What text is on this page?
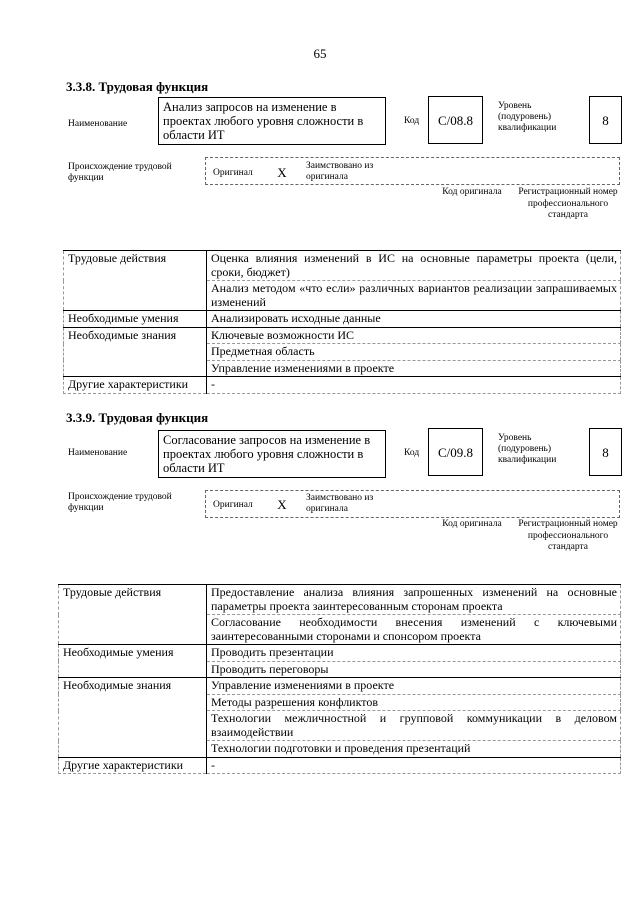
65
3.3.8. Трудовая функция
Наименование
Анализ запросов на изменение в проектах любого уровня сложности в области ИТ
Код	C/08.8
Уровень (подуровень) квалификации	8
Происхождение трудовой функции	Оригинал	X	Заимствовано из оригинала
Код оригинала	Регистрационный номер профессионального стандарта
Трудовые действия	Оценка влияния изменений в ИС на основные параметры проекта (цели, сроки, бюджет)
	Анализ методом «что если» различных вариантов реализации запрашиваемых изменений
Необходимые умения	Анализировать исходные данные
Необходимые знания	Ключевые возможности ИС
	Предметная область
	Управление изменениями в проекте
Другие характеристики	-
3.3.9. Трудовая функция
Наименование
Согласование запросов на изменение в проектах любого уровня сложности в области ИТ
Код	C/09.8
Уровень (подуровень) квалификации	8
Происхождение трудовой функции	Оригинал	X	Заимствовано из оригинала
Код оригинала	Регистрационный номер профессионального стандарта
Трудовые действия	Предоставление анализа влияния запрошенных изменений на основные параметры проекта заинтересованным сторонам проекта
	Согласование необходимости внесения изменений с ключевыми заинтересованными сторонами и спонсором проекта
Необходимые умения	Проводить презентации
	Проводить переговоры
Необходимые знания	Управление изменениями в проекте
	Методы разрешения конфликтов
	Технологии межличностной и групповой коммуникации в деловом взаимодействии
	Технологии подготовки и проведения презентаций
Другие характеристики	-
